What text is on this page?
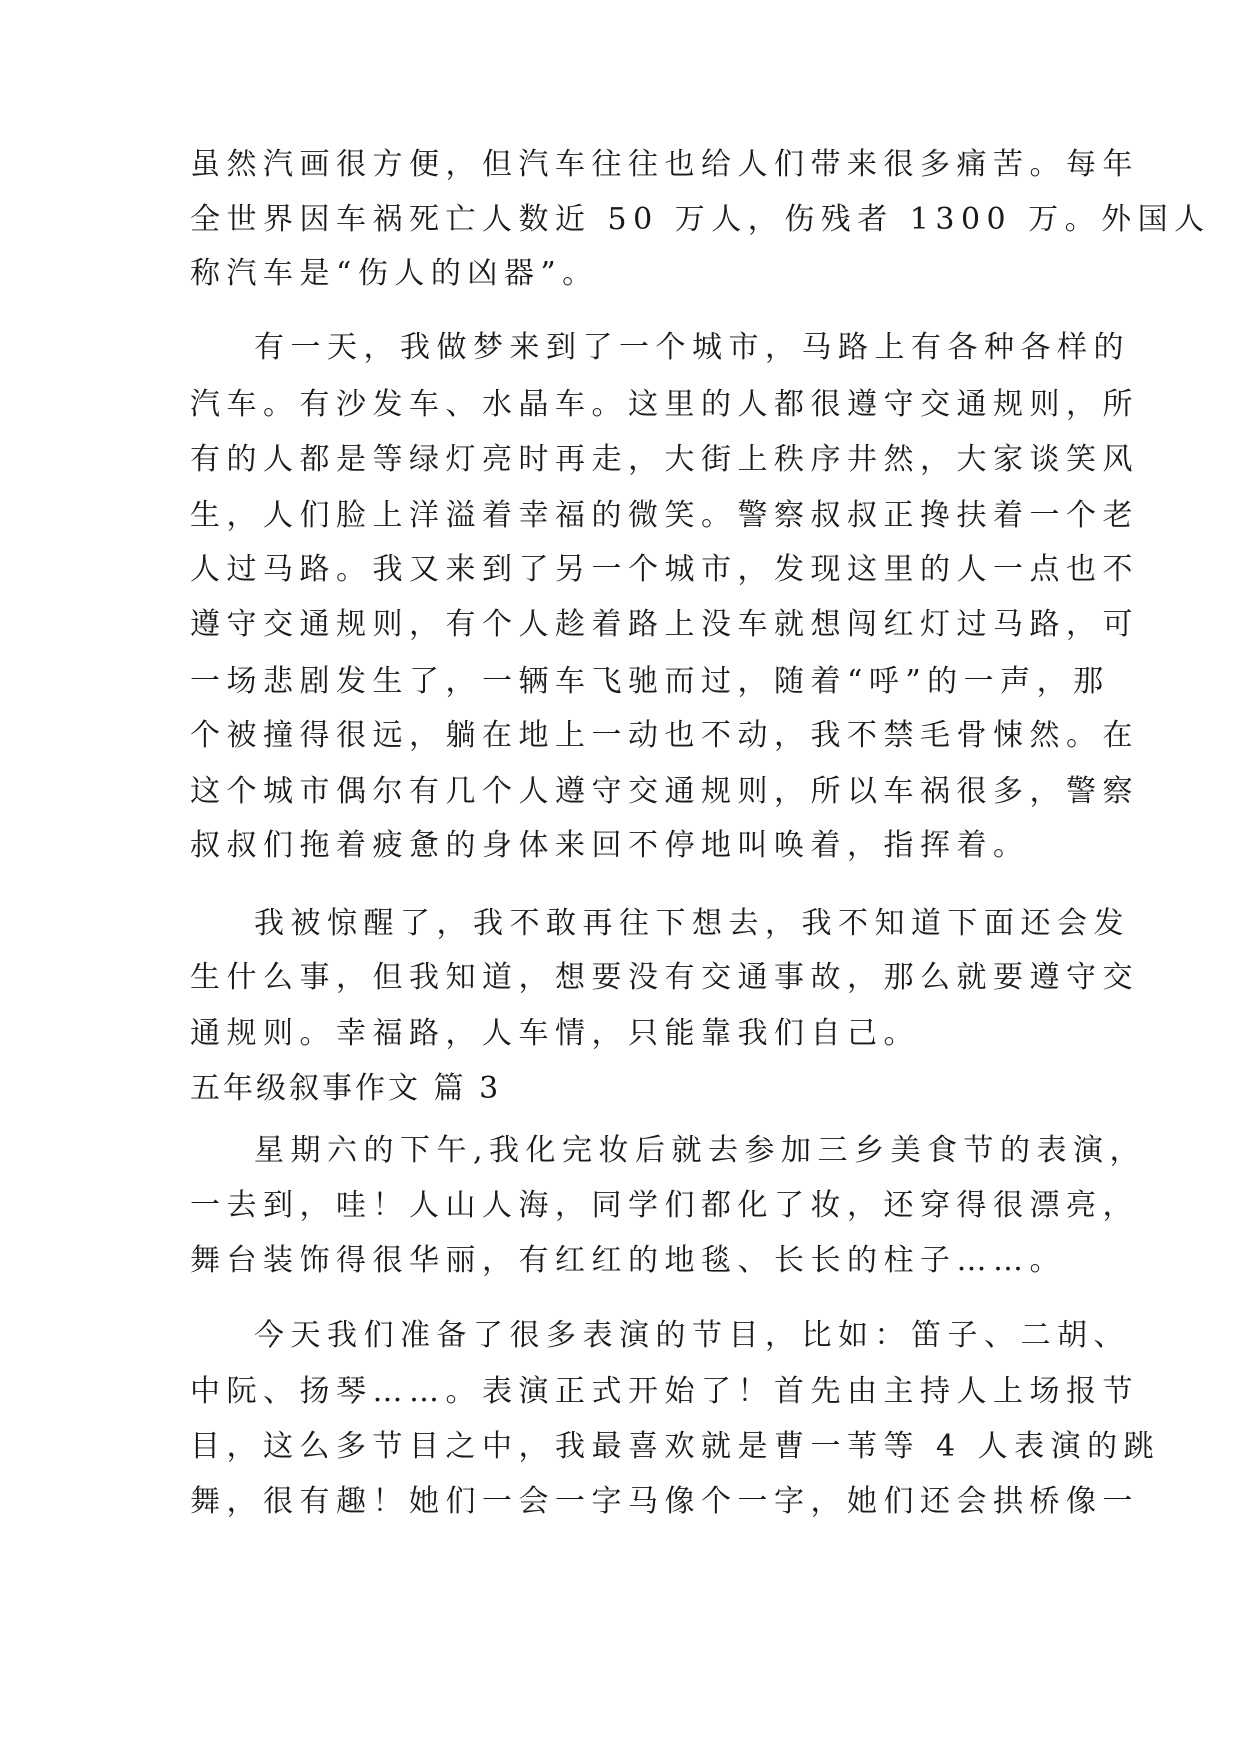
虽然汽画很方便，但汽车往往也给人们带来很多痛苦。每年
全世界因车祸死亡人数近 50 万人，伤残者 1300 万。外国人
称汽车是“伤人的凶器”。
有一天，我做梦来到了一个城市，马路上有各种各样的
汽车。有沙发车、水晶车。这里的人都很遵守交通规则，所
有的人都是等绿灯亮时再走，大街上秩序井然，大家谈笑风
生，人们脸上洋溢着幸福的微笑。警察叔叔正搀扶着一个老
人过马路。我又来到了另一个城市，发现这里的人一点也不
遵守交通规则，有个人趁着路上没车就想闯红灯过马路，可
一场悲剧发生了，一辆车飞驰而过，随着“呼”的一声，那
个被撞得很远，躺在地上一动也不动，我不禁毛骨悚然。在
这个城市偶尔有几个人遵守交通规则，所以车祸很多，警察
叔叔们拖着疲惫的身体来回不停地叫唤着，指挥着。
我被惊醒了，我不敢再往下想去，我不知道下面还会发
生什么事，但我知道，想要没有交通事故，那么就要遵守交
通规则。幸福路，人车情，只能靠我们自己。
五年级叙事作文 篇 3
星期六的下午,我化完妆后就去参加三乡美食节的表演，
一去到，哇！人山人海，同学们都化了妆，还穿得很漂亮，
舞台装饰得很华丽，有红红的地毯、长长的柱子……。
今天我们准备了很多表演的节目，比如：笛子、二胡、
中阮、扬琴……。表演正式开始了！首先由主持人上场报节
目，这么多节目之中，我最喜欢就是曹一苇等 4 人表演的跳
舞，很有趣！她们一会一字马像个一字，她们还会拱桥像一
